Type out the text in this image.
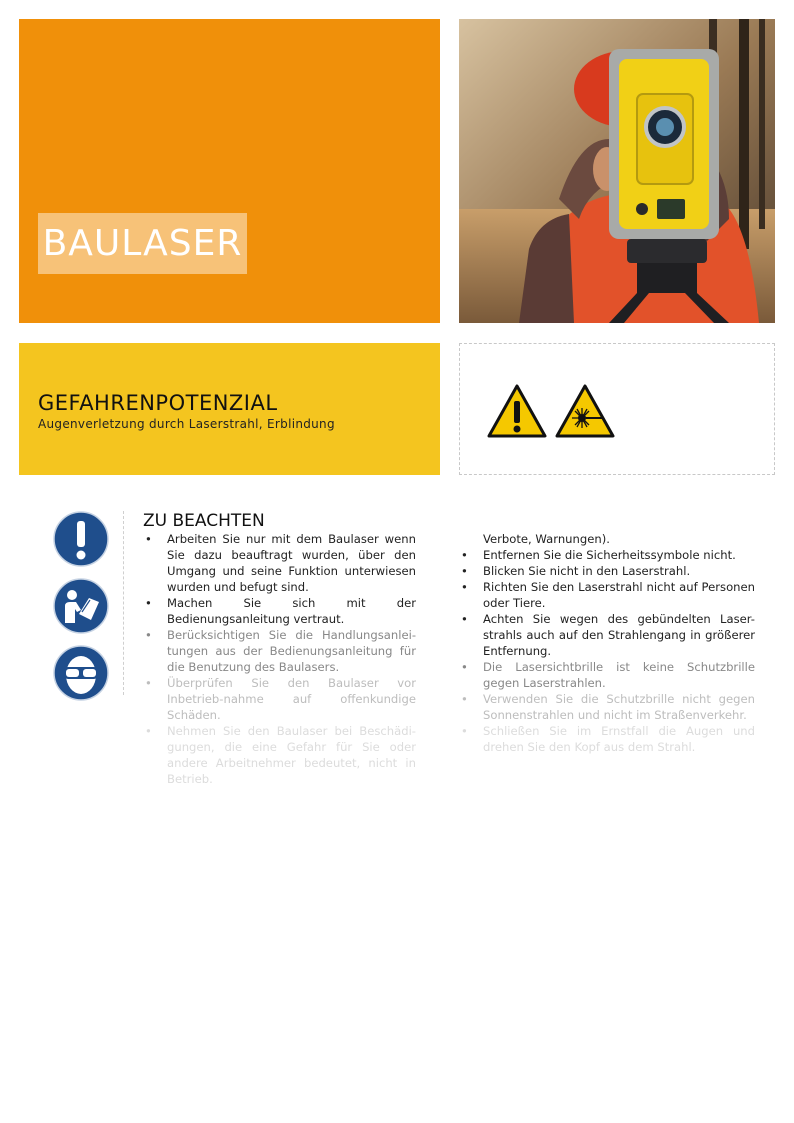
BAULASER
GEFAHRENPOTENZIAL
Augenverletzung durch Laserstrahl, Erblindung

ZU BEACHTEN
• Arbeiten Sie nur mit dem Baulaser wenn Sie dazu beauftragt wurden, über den Umgang und seine Funktion unterwiesen wurden und befugt sind.
• Machen Sie sich mit der Bedienungsanleitung vertraut.
• Berücksichtigen Sie die Handlungsanlei-tungen aus der Bedienungsanleitung für die Benutzung des Baulasers.
• Überprüfen Sie den Baulaser vor Inbetrieb-nahme auf offenkundige Schäden.
• Nehmen Sie den Baulaser bei Beschädi-gungen, die eine Gefahr für Sie oder andere Arbeitnehmer bedeutet, nicht in Betrieb.
Verbote, Warnungen).
• Entfernen Sie die Sicherheitssymbole nicht.
• Blicken Sie nicht in den Laserstrahl.
• Richten Sie den Laserstrahl nicht auf Personen oder Tiere.
• Achten Sie wegen des gebündelten Laser-strahls auch auf den Strahlengang in größerer Entfernung.
• Die Lasersichtbrille ist keine Schutzbrille gegen Laserstrahlen.
• Verwenden Sie die Schutzbrille nicht gegen Sonnenstrahlen und nicht im Straßenverkehr.
• Schließen Sie im Ernstfall die Augen und drehen Sie den Kopf aus dem Strahl.
